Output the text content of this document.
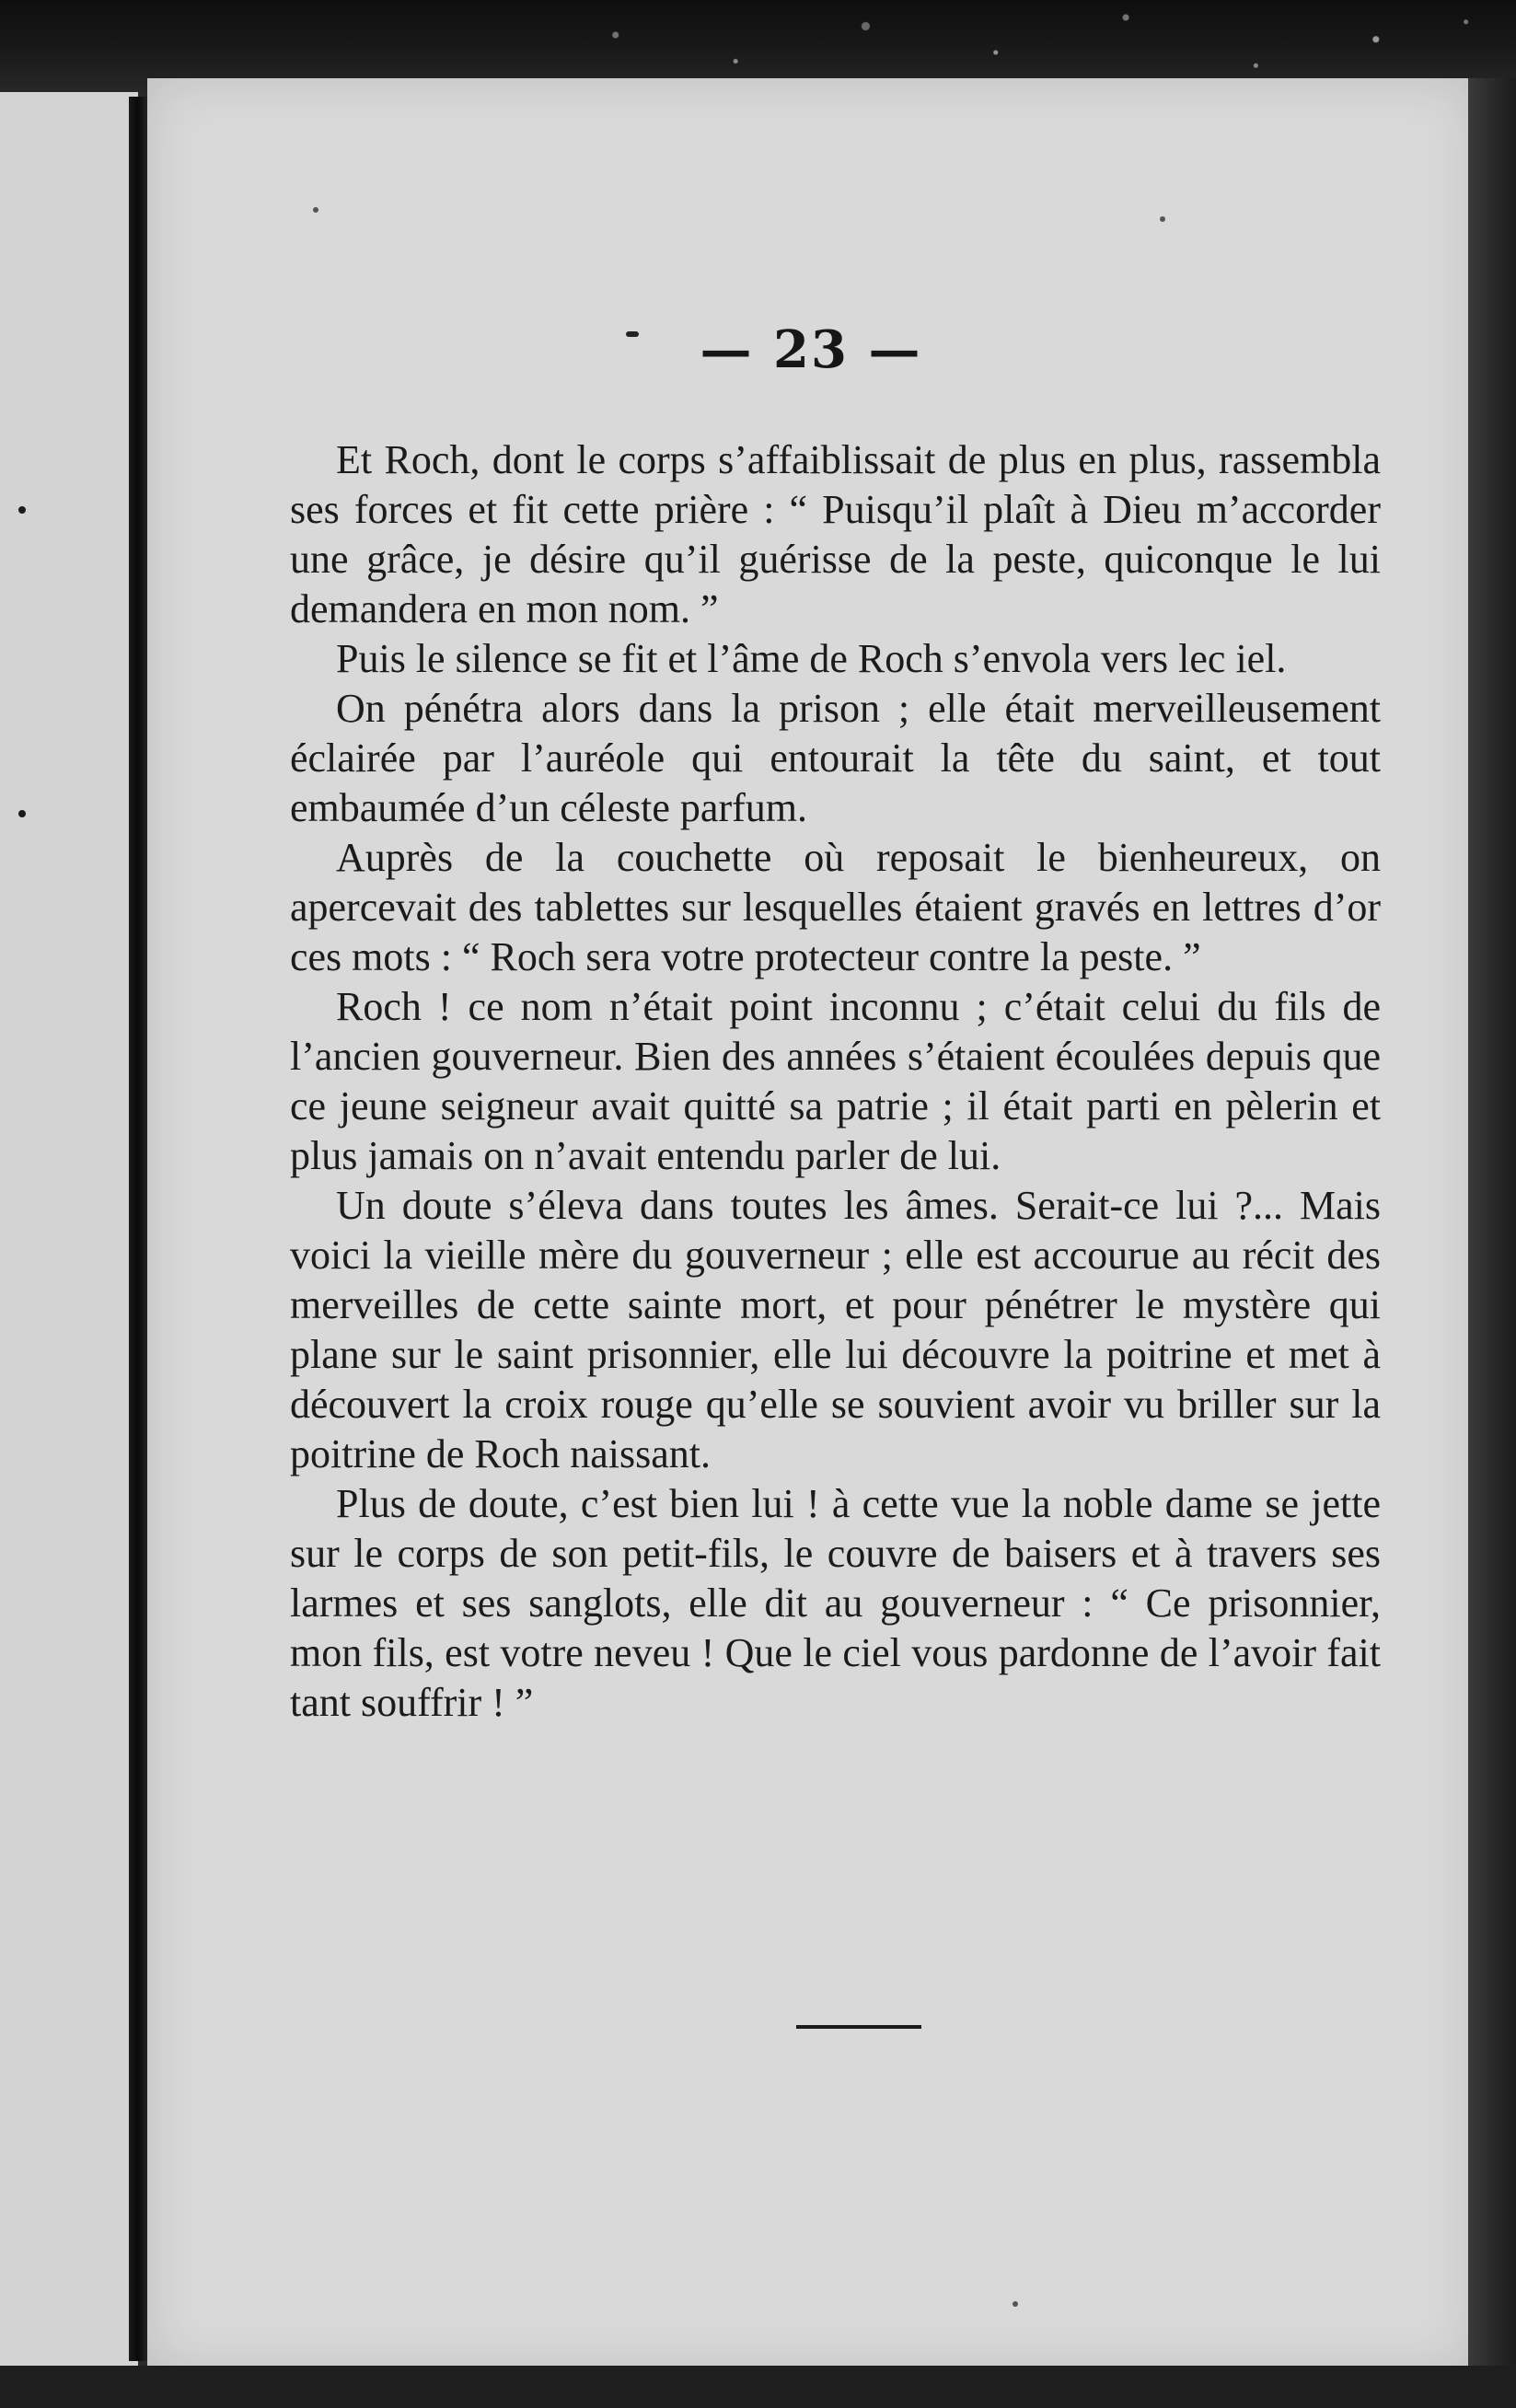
— 23 —

Et Roch, dont le corps s’affaiblissait de plus en plus, rassembla ses forces et fit cette prière : “ Puisqu’il plaît à Dieu m’accorder une grâce, je désire qu’il guérisse de la peste, quiconque le lui demandera en mon nom. ”

Puis le silence se fit et l’âme de Roch s’envola vers lec iel.

On pénétra alors dans la prison ; elle était merveilleusement éclairée par l’auréole qui entourait la tête du saint, et tout embaumée d’un céleste parfum.

Auprès de la couchette où reposait le bienheureux, on apercevait des tablettes sur lesquelles étaient gravés en lettres d’or ces mots : “ Roch sera votre protecteur contre la peste. ”

Roch ! ce nom n’était point inconnu ; c’était celui du fils de l’ancien gouverneur. Bien des années s’étaient écoulées depuis que ce jeune seigneur avait quitté sa patrie ; il était parti en pèlerin et plus jamais on n’avait entendu parler de lui.

Un doute s’éleva dans toutes les âmes. Serait-ce lui ?... Mais voici la vieille mère du gouverneur ; elle est accourue au récit des merveilles de cette sainte mort, et pour pénétrer le mystère qui plane sur le saint prisonnier, elle lui découvre la poitrine et met à découvert la croix rouge qu’elle se souvient avoir vu briller sur la poitrine de Roch naissant.

Plus de doute, c’est bien lui ! à cette vue la noble dame se jette sur le corps de son petit-fils, le couvre de baisers et à travers ses larmes et ses sanglots, elle dit au gouverneur : “ Ce prisonnier, mon fils, est votre neveu ! Que le ciel vous pardonne de l’avoir fait tant souffrir ! ”
